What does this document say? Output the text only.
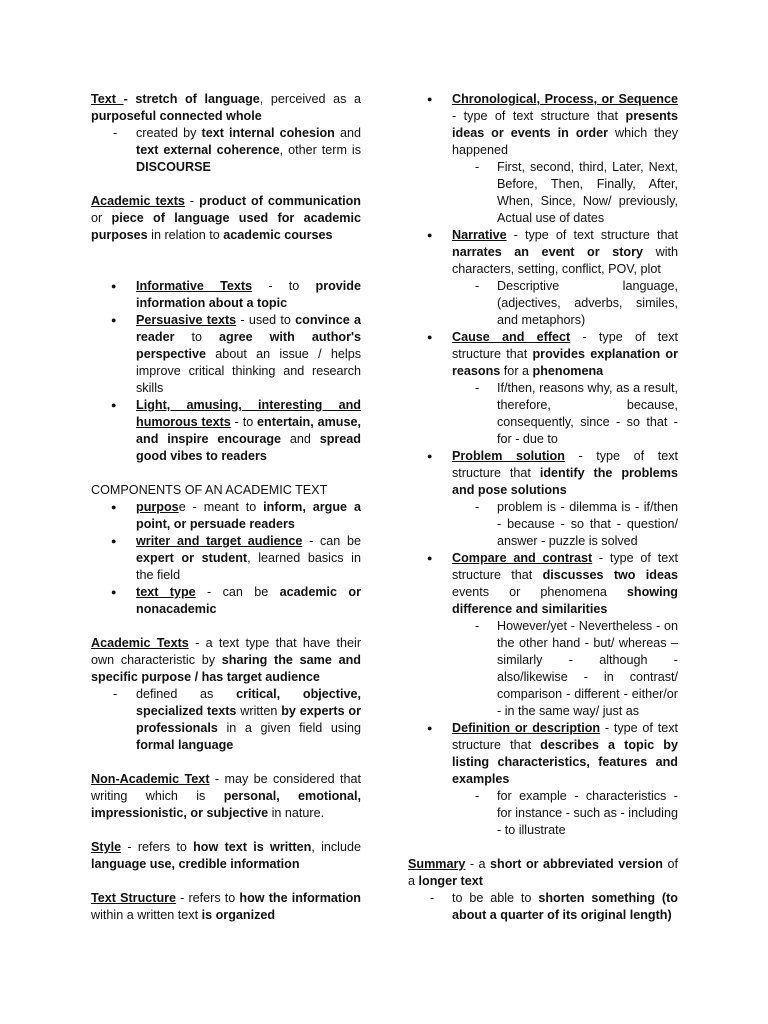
Text - stretch of language, perceived as a purposeful connected whole

- created by text internal cohesion and text external coherence, other term is DISCOURSE

Academic texts - product of communication or piece of language used for academic purposes in relation to academic courses

● Informative Texts - to provide information about a topic
● Persuasive texts - used to convince a reader to agree with author's perspective about an issue / helps improve critical thinking and research skills
● Light, amusing, interesting and humorous texts - to entertain, amuse, and inspire encourage and spread good vibes to readers

COMPONENTS OF AN ACADEMIC TEXT

● purpose - meant to inform, argue a point, or persuade readers
● writer and target audience - can be expert or student, learned basics in the field
● text type - can be academic or nonacademic

Academic Texts - a text type that have their own characteristic by sharing the same and specific purpose / has target audience

- defined as critical, objective, specialized texts written by experts or professionals in a given field using formal language

Non-Academic Text - may be considered that writing which is personal, emotional, impressionistic, or subjective in nature.

Style - refers to how text is written, include language use, credible information

Text Structure - refers to how the information within a written text is organized

● Chronological, Process, or Sequence - type of text structure that presents ideas or events in order which they happened
- First, second, third, Later, Next, Before, Then, Finally, After, When, Since, Now/ previously, Actual use of dates
● Narrative - type of text structure that narrates an event or story with characters, setting, conflict, POV, plot
- Descriptive language, (adjectives, adverbs, similes, and metaphors)
● Cause and effect - type of text structure that provides explanation or reasons for a phenomena
- If/then, reasons why, as a result, therefore, because, consequently, since - so that - for - due to
● Problem solution - type of text structure that identify the problems and pose solutions
- problem is - dilemma is - if/then - because - so that - question/ answer - puzzle is solved
● Compare and contrast - type of text structure that discusses two ideas events or phenomena showing difference and similarities
- However/yet - Nevertheless - on the other hand - but/ whereas – similarly - although - also/likewise - in contrast/ comparison - different - either/or - in the same way/ just as
● Definition or description - type of text structure that describes a topic by listing characteristics, features and examples
- for example - characteristics - for instance - such as - including - to illustrate

Summary - a short or abbreviated version of a longer text

- to be able to shorten something (to about a quarter of its original length)
